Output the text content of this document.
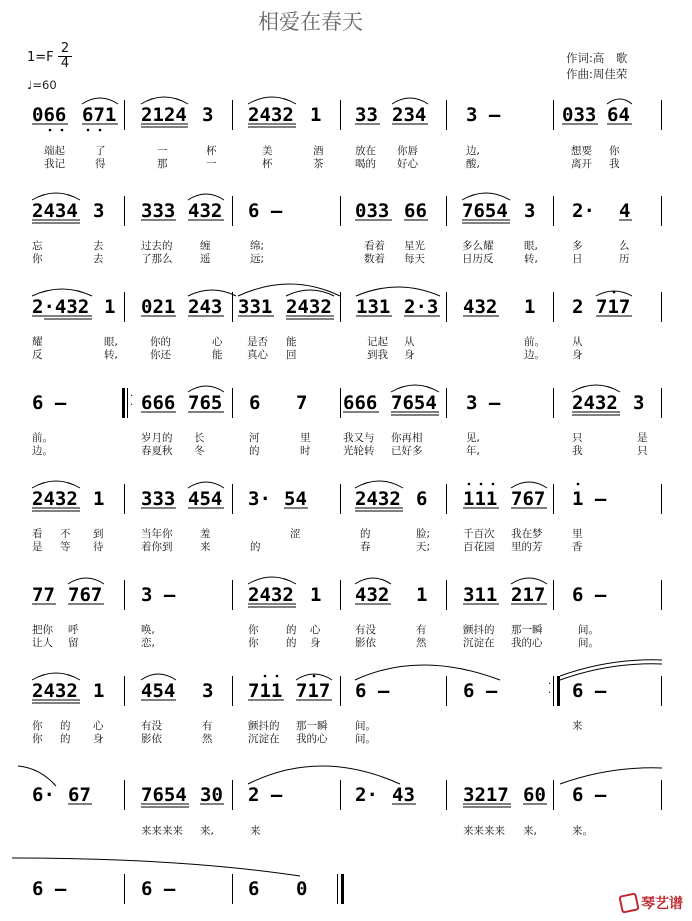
相爱在春天
1=F
2
4
♩=60
作词:高　歌
作曲:周佳荣
066 671 2124 3 2432 1 33 234 3 –	033 64
端起	了	一	杯	美	酒	放在 你唇	边,	想要 你
我记	得	那	一	杯	茶	喝的 好心	酸,	离开 我
2434 3 333 432 6 –	033 66 7654 3 2· 4
忘	去	过去的	缠	绵;	看着 星光	多么耀	眼,	多	么
你	去	了那么	遥	远;	数着 每天	日历反	转,	日	历
2·432 1 021 243 331 2432 131 2·3 432 1 2 717
耀	眼,	你的	心 是否 能	记起 从	前。	从
反	转,	你还	能 真心 回	到我 身	边。	身
6 –	666 765 6 7 666 7654 3 –	2432 3
·
·
前。	岁月的 长	河	里	我又与 你再相	见,	只	是
边。	春夏秋 冬	的	时	光轮转 已好多	年,	我	只
2432 1 333 454 3· 54	2432 6 111 767 1 –
看 不 到	当年你	羞	涩	的	脸;	千百次 我在梦	里
是 等 待	着你到	来	的	春	天;	百花园 里的芳	香
77 767 3 –	2432 1 432 1 311 217 6 –
把你 呼	唤,	你	的 心	有没	有	颤抖的 那一瞬	间。
让人 留	恋,	你	的 身	影依	然	沉淀在 我的心	间。
2432 1 454 3 711 717 6 –	6 –	6 –
·
·
你 的 心	有没	有	颤抖的 那一瞬	间。	来
你 的 身	影依	然	沉淀在 我的心	间。
6· 67	7654 30 2 –	2· 43	3217 60 6 –
来来来来 来,	来	来来来来 来,	来。
6 –	6 –	6 0
琴艺谱
